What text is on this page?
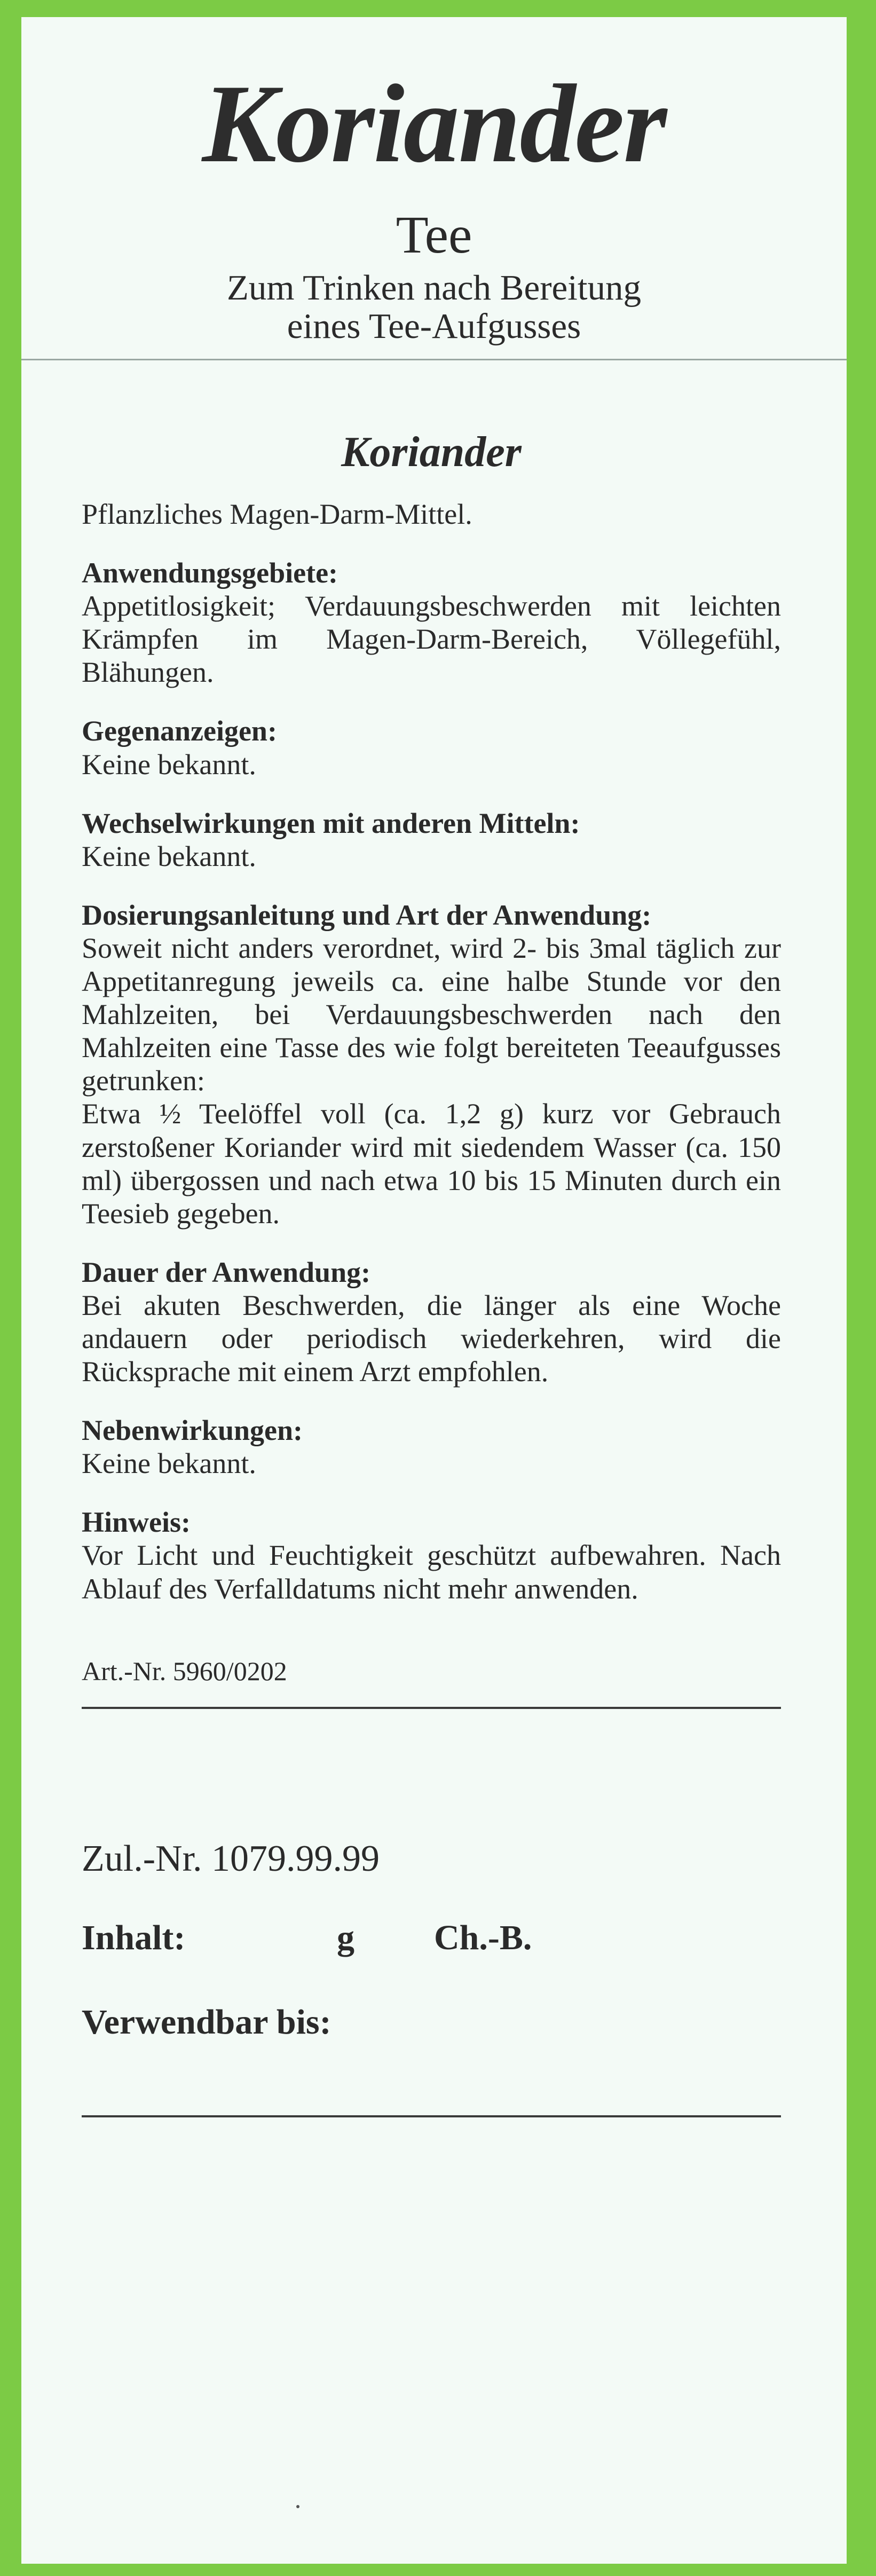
Koriander
Tee
Zum Trinken nach Bereitung
eines Tee-Aufgusses
Koriander

Pflanzliches Magen-Darm-Mittel.

Anwendungsgebiete:
Appetitlosigkeit; Verdauungsbeschwerden mit leichten Krämpfen im Magen-Darm-Bereich, Völlegefühl, Blähungen.
Gegenanzeigen:
Keine bekannt.
Wechselwirkungen mit anderen Mitteln:
Keine bekannt.
Dosierungsanleitung und Art der Anwendung:
Soweit nicht anders verordnet, wird 2- bis 3mal täglich zur Appetitanregung jeweils ca. eine halbe Stunde vor den Mahlzeiten, bei Verdauungsbeschwerden nach den Mahlzeiten eine Tasse des wie folgt bereiteten Teeaufgusses getrunken:
Etwa ½ Teelöffel voll (ca. 1,2 g) kurz vor Gebrauch zerstoßener Koriander wird mit siedendem Wasser (ca. 150 ml) übergossen und nach etwa 10 bis 15 Minuten durch ein Teesieb gegeben.
Dauer der Anwendung:
Bei akuten Beschwerden, die länger als eine Woche andauern oder periodisch wiederkehren, wird die Rücksprache mit einem Arzt empfohlen.
Nebenwirkungen:
Keine bekannt.
Hinweis:
Vor Licht und Feuchtigkeit geschützt aufbewahren. Nach Ablauf des Verfalldatums nicht mehr anwenden.
Art.-Nr. 5960/0202
Zul.-Nr. 1079.99.99
Inhalt:	g Ch.-B.
Verwendbar bis:
